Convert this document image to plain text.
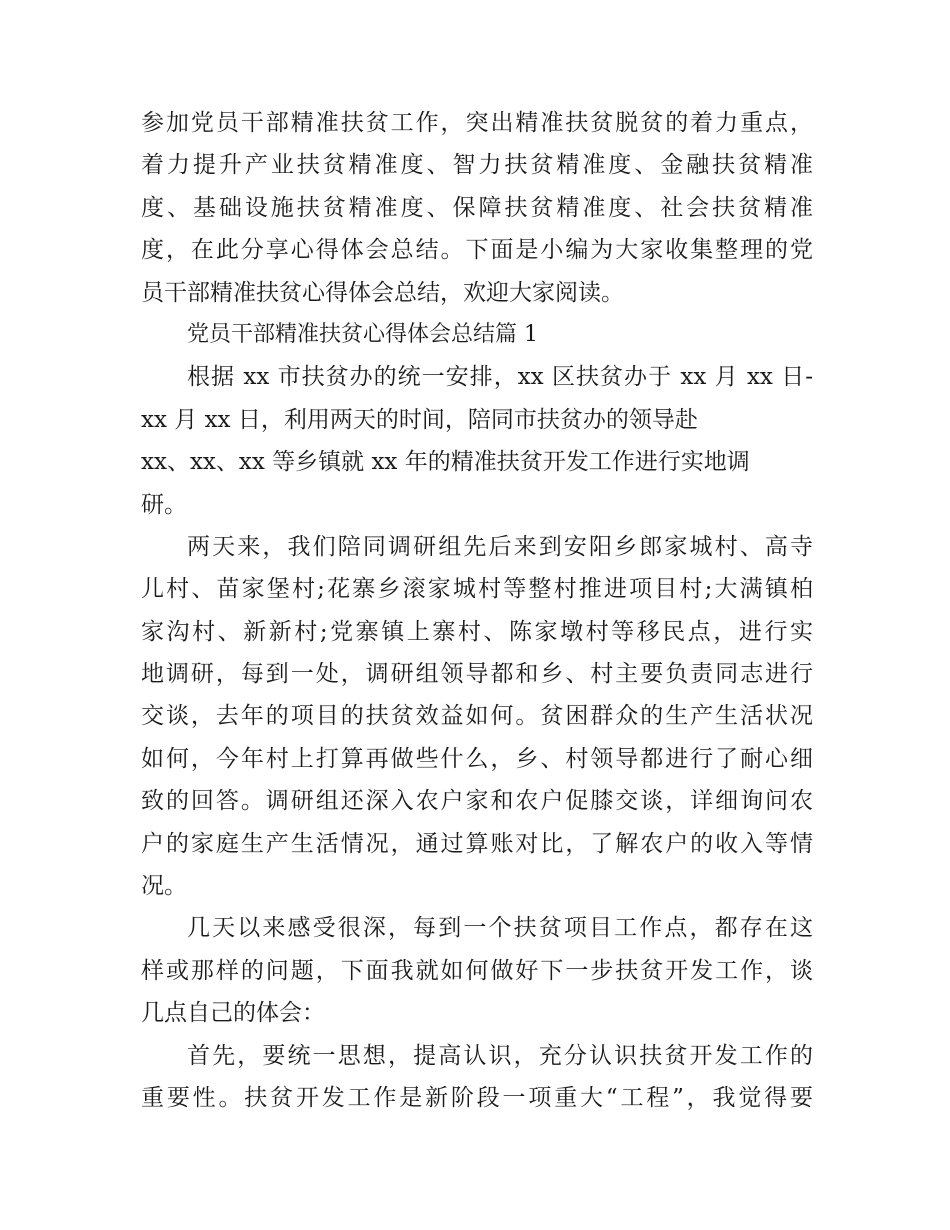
参加党员干部精准扶贫工作，突出精准扶贫脱贫的着力重点，
着力提升产业扶贫精准度、智力扶贫精准度、金融扶贫精准
度、基础设施扶贫精准度、保障扶贫精准度、社会扶贫精准
度，在此分享心得体会总结。下面是小编为大家收集整理的党
员干部精准扶贫心得体会总结，欢迎大家阅读。
党员干部精准扶贫心得体会总结篇 1
根据 xx 市扶贫办的统一安排，xx 区扶贫办于 xx 月 xx 日-
xx 月 xx 日，利用两天的时间，陪同市扶贫办的领导赴
xx、xx、xx 等乡镇就 xx 年的精准扶贫开发工作进行实地调
研。
两天来，我们陪同调研组先后来到安阳乡郎家城村、高寺
儿村、苗家堡村;花寨乡滚家城村等整村推进项目村;大满镇柏
家沟村、新新村;党寨镇上寨村、陈家墩村等移民点，进行实
地调研，每到一处，调研组领导都和乡、村主要负责同志进行
交谈，去年的项目的扶贫效益如何。贫困群众的生产生活状况
如何，今年村上打算再做些什么，乡、村领导都进行了耐心细
致的回答。调研组还深入农户家和农户促膝交谈，详细询问农
户的家庭生产生活情况，通过算账对比，了解农户的收入等情
况。
几天以来感受很深，每到一个扶贫项目工作点，都存在这
样或那样的问题，下面我就如何做好下一步扶贫开发工作，谈
几点自己的体会：
首先，要统一思想，提高认识，充分认识扶贫开发工作的
重要性。扶贫开发工作是新阶段一项重大“工程”，我觉得要
